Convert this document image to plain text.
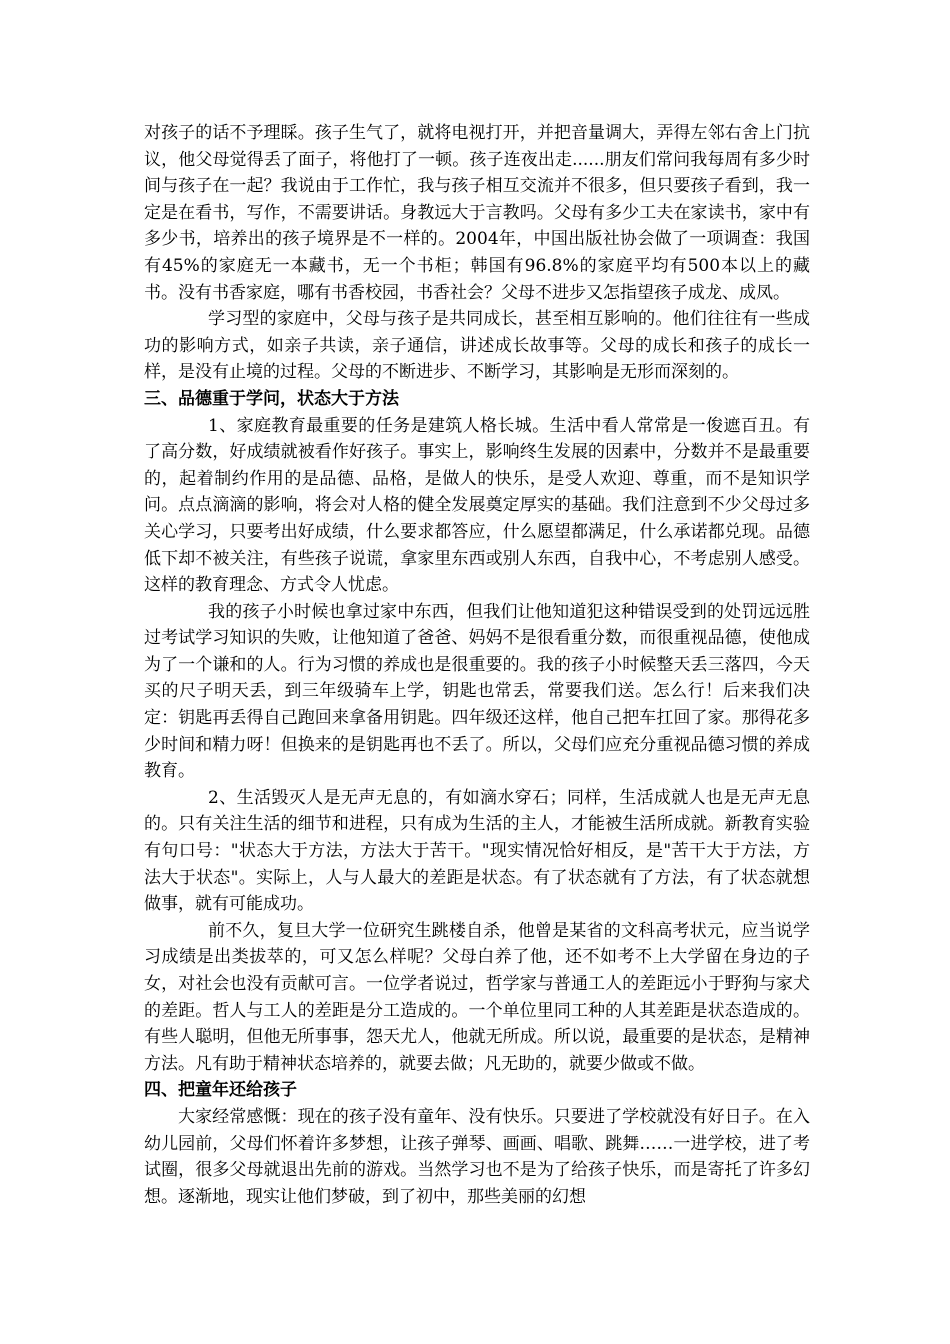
对孩子的话不予理睬。孩子生气了，就将电视打开，并把音量调大，弄得左邻右舍上门抗议，他父母觉得丢了面子，将他打了一顿。孩子连夜出走......朋友们常问我每周有多少时间与孩子在一起？我说由于工作忙，我与孩子相互交流并不很多，但只要孩子看到，我一定是在看书，写作，不需要讲话。身教远大于言教吗。父母有多少工夫在家读书，家中有多少书，培养出的孩子境界是不一样的。2004年，中国出版社协会做了一项调查：我国有45%的家庭无一本藏书，无一个书柜；韩国有96.8%的家庭平均有500本以上的藏书。没有书香家庭，哪有书香校园，书香社会？父母不进步又怎指望孩子成龙、成凤。

学习型的家庭中，父母与孩子是共同成长，甚至相互影响的。他们往往有一些成功的影响方式，如亲子共读，亲子通信，讲述成长故事等。父母的成长和孩子的成长一样，是没有止境的过程。父母的不断进步、不断学习，其影响是无形而深刻的。

三、品德重于学问，状态大于方法

1、家庭教育最重要的任务是建筑人格长城。生活中看人常常是一俊遮百丑。有了高分数，好成绩就被看作好孩子。事实上，影响终生发展的因素中，分数并不是最重要的，起着制约作用的是品德、品格，是做人的快乐，是受人欢迎、尊重，而不是知识学问。点点滴滴的影响，将会对人格的健全发展奠定厚实的基础。我们注意到不少父母过多关心学习，只要考出好成绩，什么要求都答应，什么愿望都满足，什么承诺都兑现。品德低下却不被关注，有些孩子说谎，拿家里东西或别人东西，自我中心，不考虑别人感受。这样的教育理念、方式令人忧虑。

我的孩子小时候也拿过家中东西，但我们让他知道犯这种错误受到的处罚远远胜过考试学习知识的失败，让他知道了爸爸、妈妈不是很看重分数，而很重视品德，使他成为了一个谦和的人。行为习惯的养成也是很重要的。我的孩子小时候整天丢三落四，今天买的尺子明天丢，到三年级骑车上学，钥匙也常丢，常要我们送。怎么行！后来我们决定：钥匙再丢得自己跑回来拿备用钥匙。四年级还这样，他自己把车扛回了家。那得花多少时间和精力呀！但换来的是钥匙再也不丢了。所以，父母们应充分重视品德习惯的养成教育。

2、生活毁灭人是无声无息的，有如滴水穿石；同样，生活成就人也是无声无息的。只有关注生活的细节和进程，只有成为生活的主人，才能被生活所成就。新教育实验有句口号："状态大于方法，方法大于苦干。"现实情况恰好相反，是"苦干大于方法，方法大于状态"。实际上，人与人最大的差距是状态。有了状态就有了方法，有了状态就想做事，就有可能成功。

前不久，复旦大学一位研究生跳楼自杀，他曾是某省的文科高考状元，应当说学习成绩是出类拔萃的，可又怎么样呢？父母白养了他，还不如考不上大学留在身边的子女，对社会也没有贡献可言。一位学者说过，哲学家与普通工人的差距远小于野狗与家犬的差距。哲人与工人的差距是分工造成的。一个单位里同工种的人其差距是状态造成的。有些人聪明，但他无所事事，怨天尤人，他就无所成。所以说，最重要的是状态，是精神方法。凡有助于精神状态培养的，就要去做；凡无助的，就要少做或不做。

四、把童年还给孩子

大家经常感慨：现在的孩子没有童年、没有快乐。只要进了学校就没有好日子。在入幼儿园前，父母们怀着许多梦想，让孩子弹琴、画画、唱歌、跳舞……一进学校，进了考试圈，很多父母就退出先前的游戏。当然学习也不是为了给孩子快乐，而是寄托了许多幻想。逐渐地，现实让他们梦破，到了初中，那些美丽的幻想
